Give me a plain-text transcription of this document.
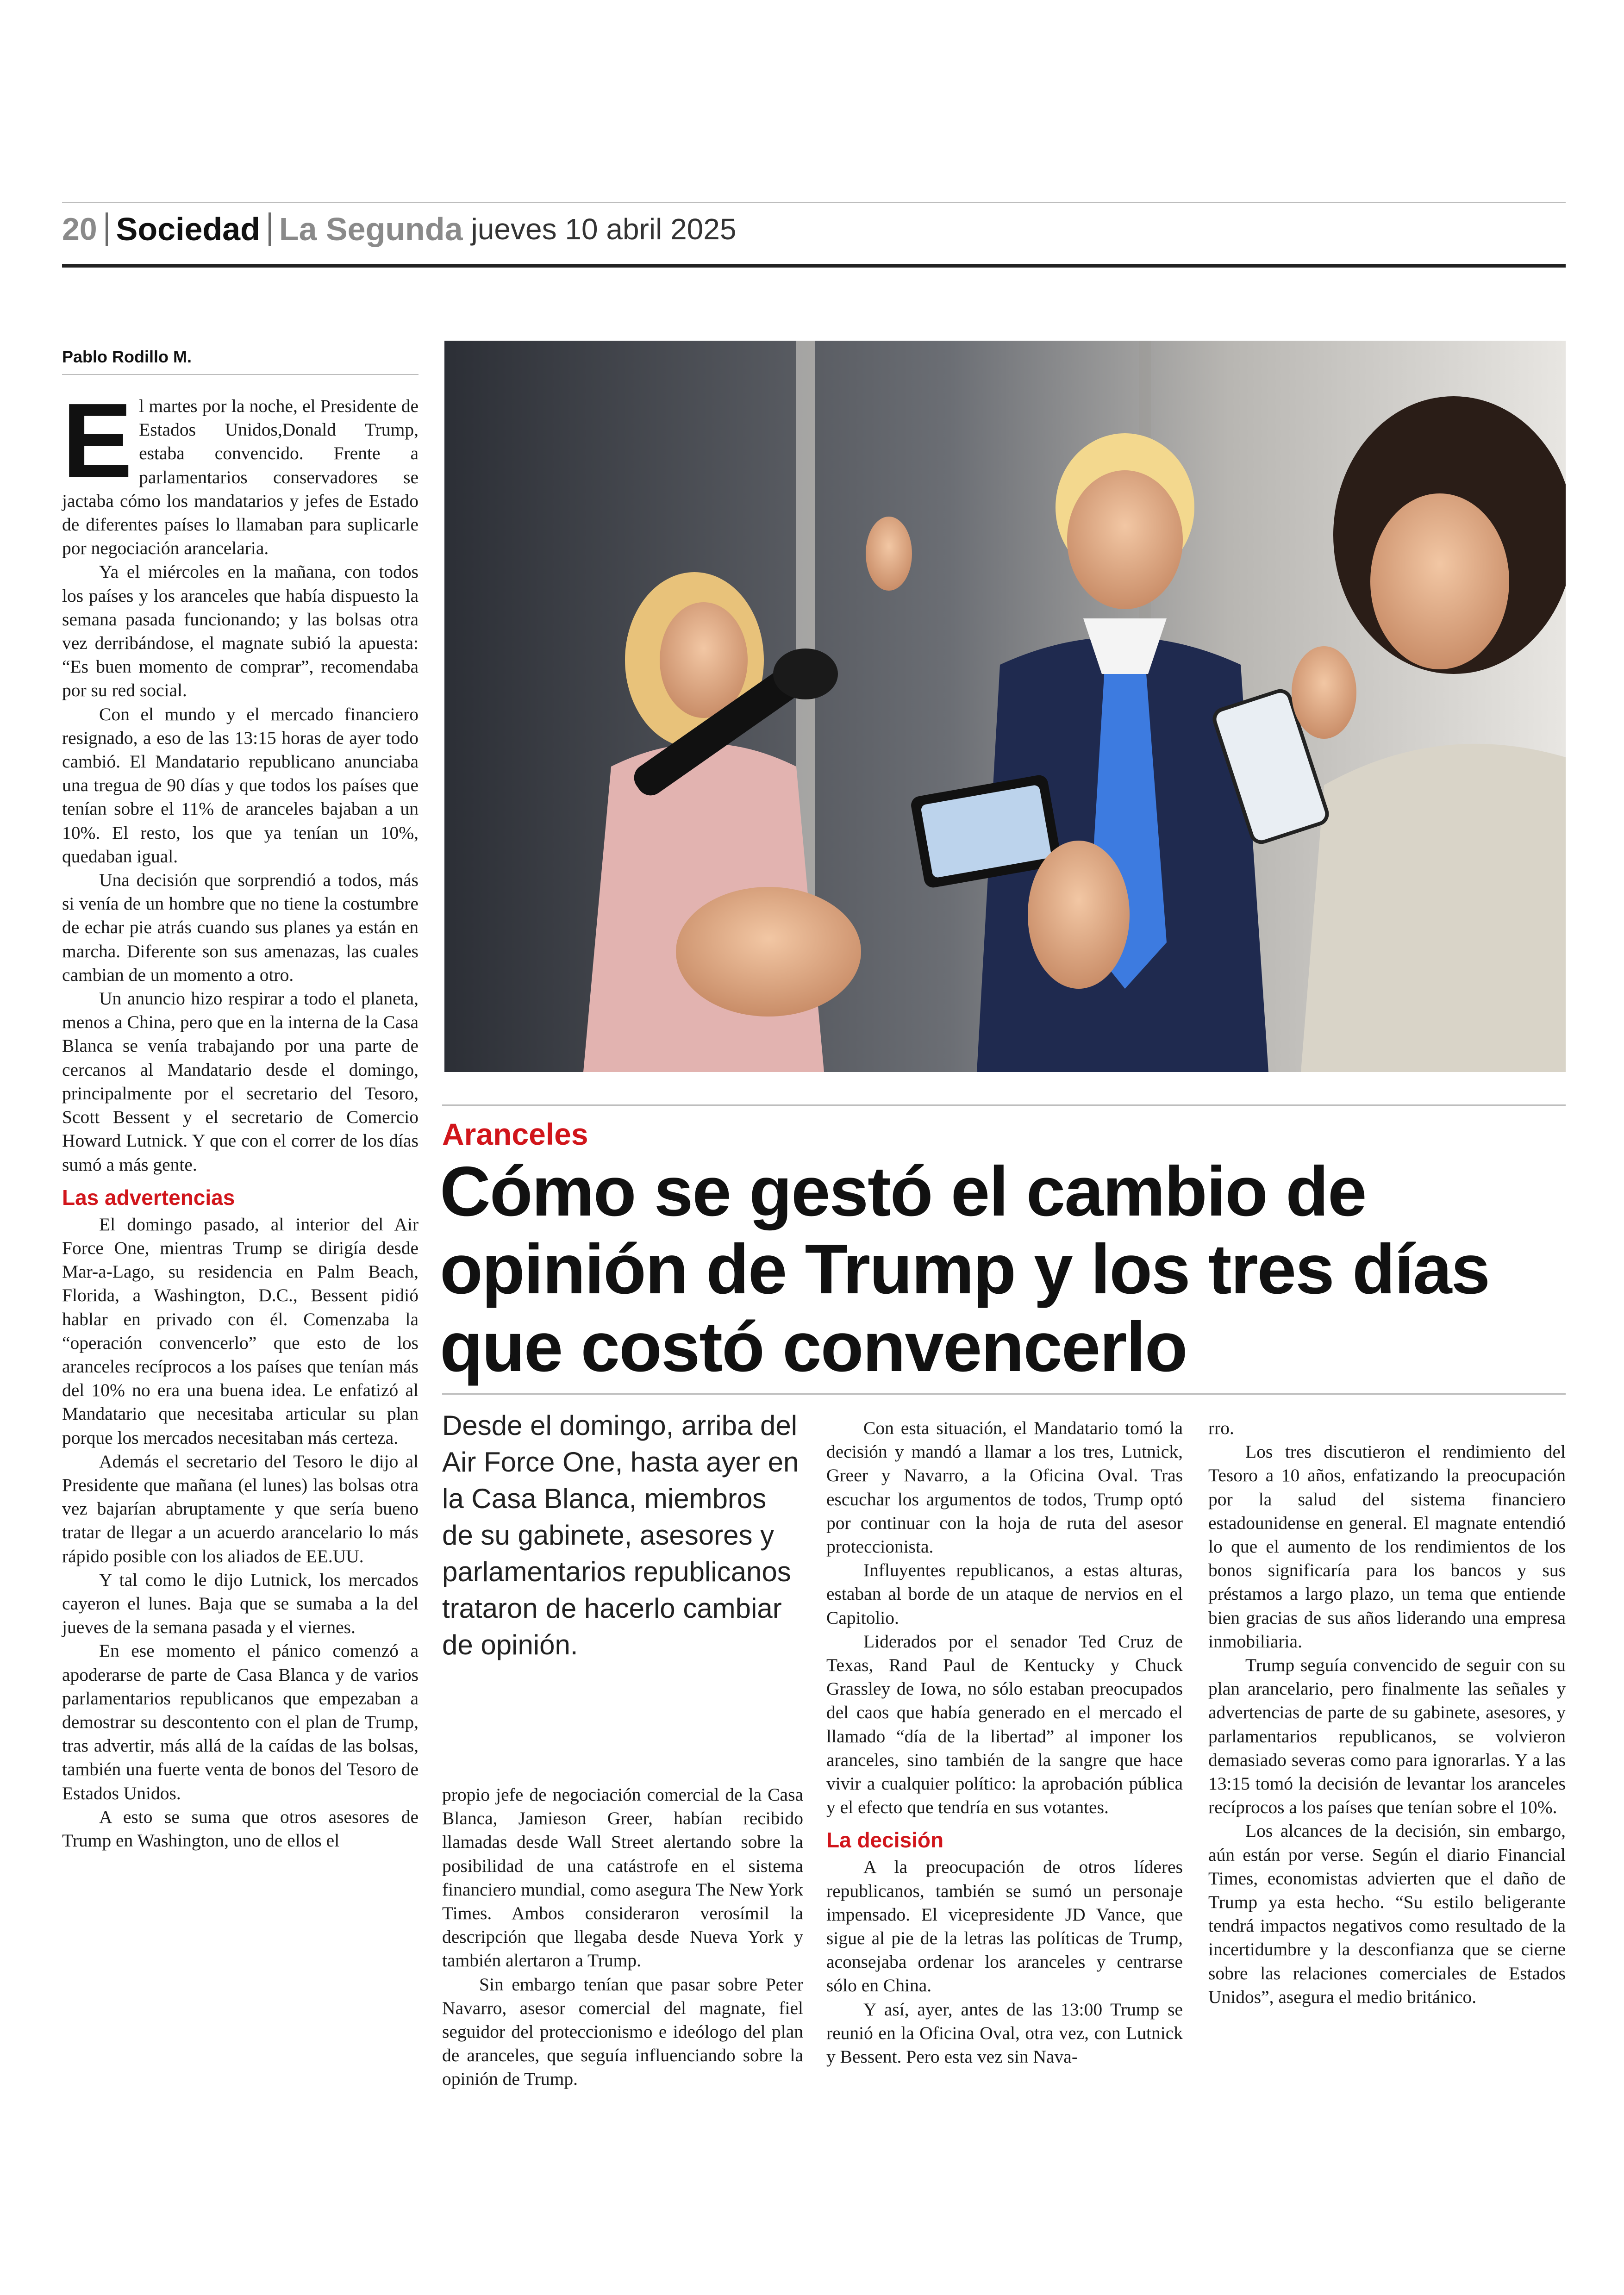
20 Sociedad La Segunda jueves 10 abril 2025
Pablo Rodillo M.
Aranceles
Cómo se gestó el cambio de opinión de Trump y los tres días que costó convencerlo
Desde el domingo, arriba del Air Force One, hasta ayer en la Casa Blanca, miembros de su gabinete, asesores y parlamentarios republicanos trataron de hacerlo cambiar de opinión.
E l martes por la noche, el Presidente de Estados Unidos,Donald Trump, estaba convencido. Frente a parlamentarios conservadores se jactaba cómo los mandatarios y jefes de Estado de diferentes países lo llamaban para suplicarle por negociación arancelaria.

Ya el miércoles en la mañana, con todos los países y los aranceles que había dispuesto la semana pasada funcionando; y las bolsas otra vez derribándose, el magnate subió la apuesta: “Es buen momento de comprar”, recomendaba por su red social.

Con el mundo y el mercado financiero resignado, a eso de las 13:15 horas de ayer todo cambió. El Mandatario republicano anunciaba una tregua de 90 días y que todos los países que tenían sobre el 11% de aranceles bajaban a un 10%. El resto, los que ya tenían un 10%, quedaban igual.

Una decisión que sorprendió a todos, más si venía de un hombre que no tiene la costumbre de echar pie atrás cuando sus planes ya están en marcha. Diferente son sus amenazas, las cuales cambian de un momento a otro.

Un anuncio hizo respirar a todo el planeta, menos a China, pero que en la interna de la Casa Blanca se venía trabajando por una parte de cercanos al Mandatario desde el domingo, principalmente por el secretario del Tesoro, Scott Bessent y el secretario de Comercio Howard Lutnick. Y que con el correr de los días sumó a más gente.

Las advertencias

El domingo pasado, al interior del Air Force One, mientras Trump se dirigía desde Mar-a-Lago, su residencia en Palm Beach, Florida, a Washington, D.C., Bessent pidió hablar en privado con él. Comenzaba la “operación convencerlo” que esto de los aranceles recíprocos a los países que tenían más del 10% no era una buena idea. Le enfatizó al Mandatario que necesitaba articular su plan porque los mercados necesitaban más certeza.

Además el secretario del Tesoro le dijo al Presidente que mañana (el lunes) las bolsas otra vez bajarían abruptamente y que sería bueno tratar de llegar a un acuerdo arancelario lo más rápido posible con los aliados de EE.UU.

Y tal como le dijo Lutnick, los mercados cayeron el lunes. Baja que se sumaba a la del jueves de la semana pasada y el viernes.

En ese momento el pánico comenzó a apoderarse de parte de Casa Blanca y de varios parlamentarios republicanos que empezaban a demostrar su descontento con el plan de Trump, tras advertir, más allá de la caídas de las bolsas, también una fuerte venta de bonos del Tesoro de Estados Unidos.

A esto se suma que otros asesores de Trump en Washington, uno de ellos el

propio jefe de negociación comercial de la Casa Blanca, Jamieson Greer, habían recibido llamadas desde Wall Street alertando sobre la posibilidad de una catástrofe en el sistema financiero mundial, como asegura The New York Times. Ambos consideraron verosímil la descripción que llegaba desde Nueva York y también alertaron a Trump.

Sin embargo tenían que pasar sobre Peter Navarro, asesor comercial del magnate, fiel seguidor del proteccionismo e ideólogo del plan de aranceles, que seguía influenciando sobre la opinión de Trump.

Con esta situación, el Mandatario tomó la decisión y mandó a llamar a los tres, Lutnick, Greer y Navarro, a la Oficina Oval. Tras escuchar los argumentos de todos, Trump optó por continuar con la hoja de ruta del asesor proteccionista.

Influyentes republicanos, a estas alturas, estaban al borde de un ataque de nervios en el Capitolio.

Liderados por el senador Ted Cruz de Texas, Rand Paul de Kentucky y Chuck Grassley de Iowa, no sólo estaban preocupados del caos que había generado en el mercado el llamado “día de la libertad” al imponer los aranceles, sino también de la sangre que hace vivir a cualquier político: la aprobación pública y el efecto que tendría en sus votantes.

La decisión

A la preocupación de otros líderes republicanos, también se sumó un personaje impensado. El vicepresidente JD Vance, que sigue al pie de la letras las políticas de Trump, aconsejaba ordenar los aranceles y centrarse sólo en China.

Y así, ayer, antes de las 13:00 Trump se reunió en la Oficina Oval, otra vez, con Lutnick y Bessent. Pero esta vez sin Nava-

rro.

Los tres discutieron el rendimiento del Tesoro a 10 años, enfatizando la preocupación por la salud del sistema financiero estadounidense en general. El magnate entendió lo que el aumento de los rendimientos de los bonos significaría para los bancos y sus préstamos a largo plazo, un tema que entiende bien gracias de sus años liderando una empresa inmobiliaria.

Trump seguía convencido de seguir con su plan arancelario, pero finalmente las señales y advertencias de parte de su gabinete, asesores, y parlamentarios republicanos, se volvieron demasiado severas como para ignorarlas. Y a las 13:15 tomó la decisión de levantar los aranceles recíprocos a los países que tenían sobre el 10%.

Los alcances de la decisión, sin embargo, aún están por verse. Según el diario Financial Times, economistas advierten que el daño de Trump ya esta hecho. “Su estilo beligerante tendrá impactos negativos como resultado de la incertidumbre y la desconfianza que se cierne sobre las relaciones comerciales de Estados Unidos”, asegura el medio británico.
